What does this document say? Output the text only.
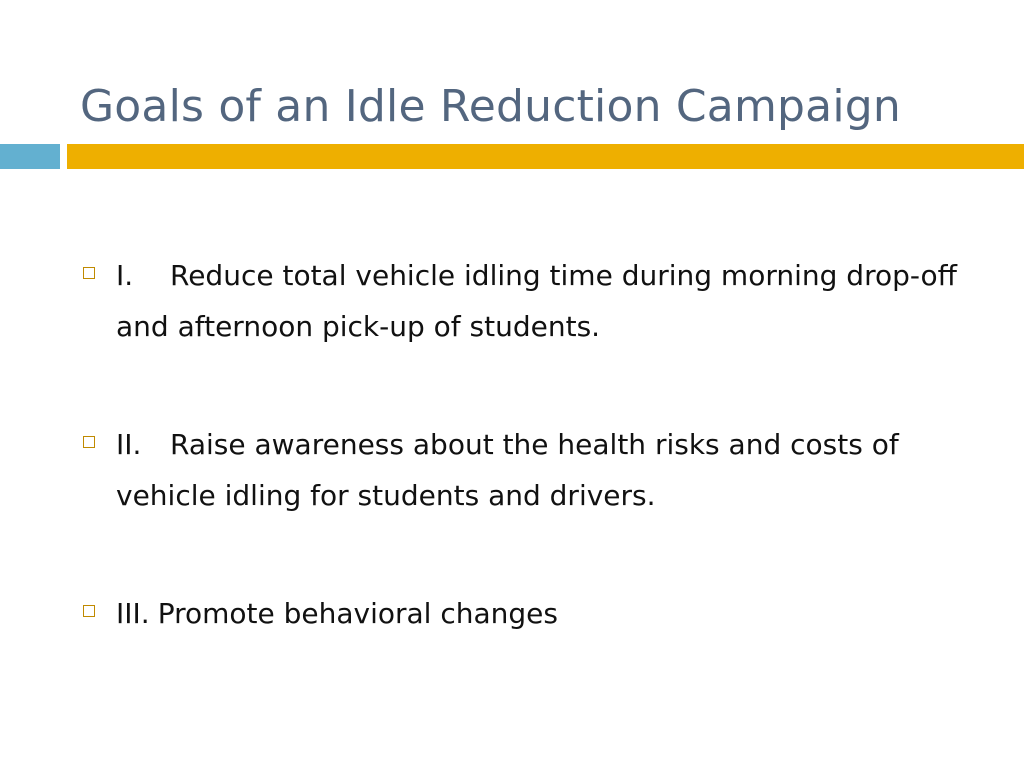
Goals of an Idle Reduction Campaign
I. Reduce total vehicle idling time during morning drop-off and afternoon pick-up of students.
II. Raise awareness about the health risks and costs of vehicle idling for students and drivers.
III. Promote behavioral changes
